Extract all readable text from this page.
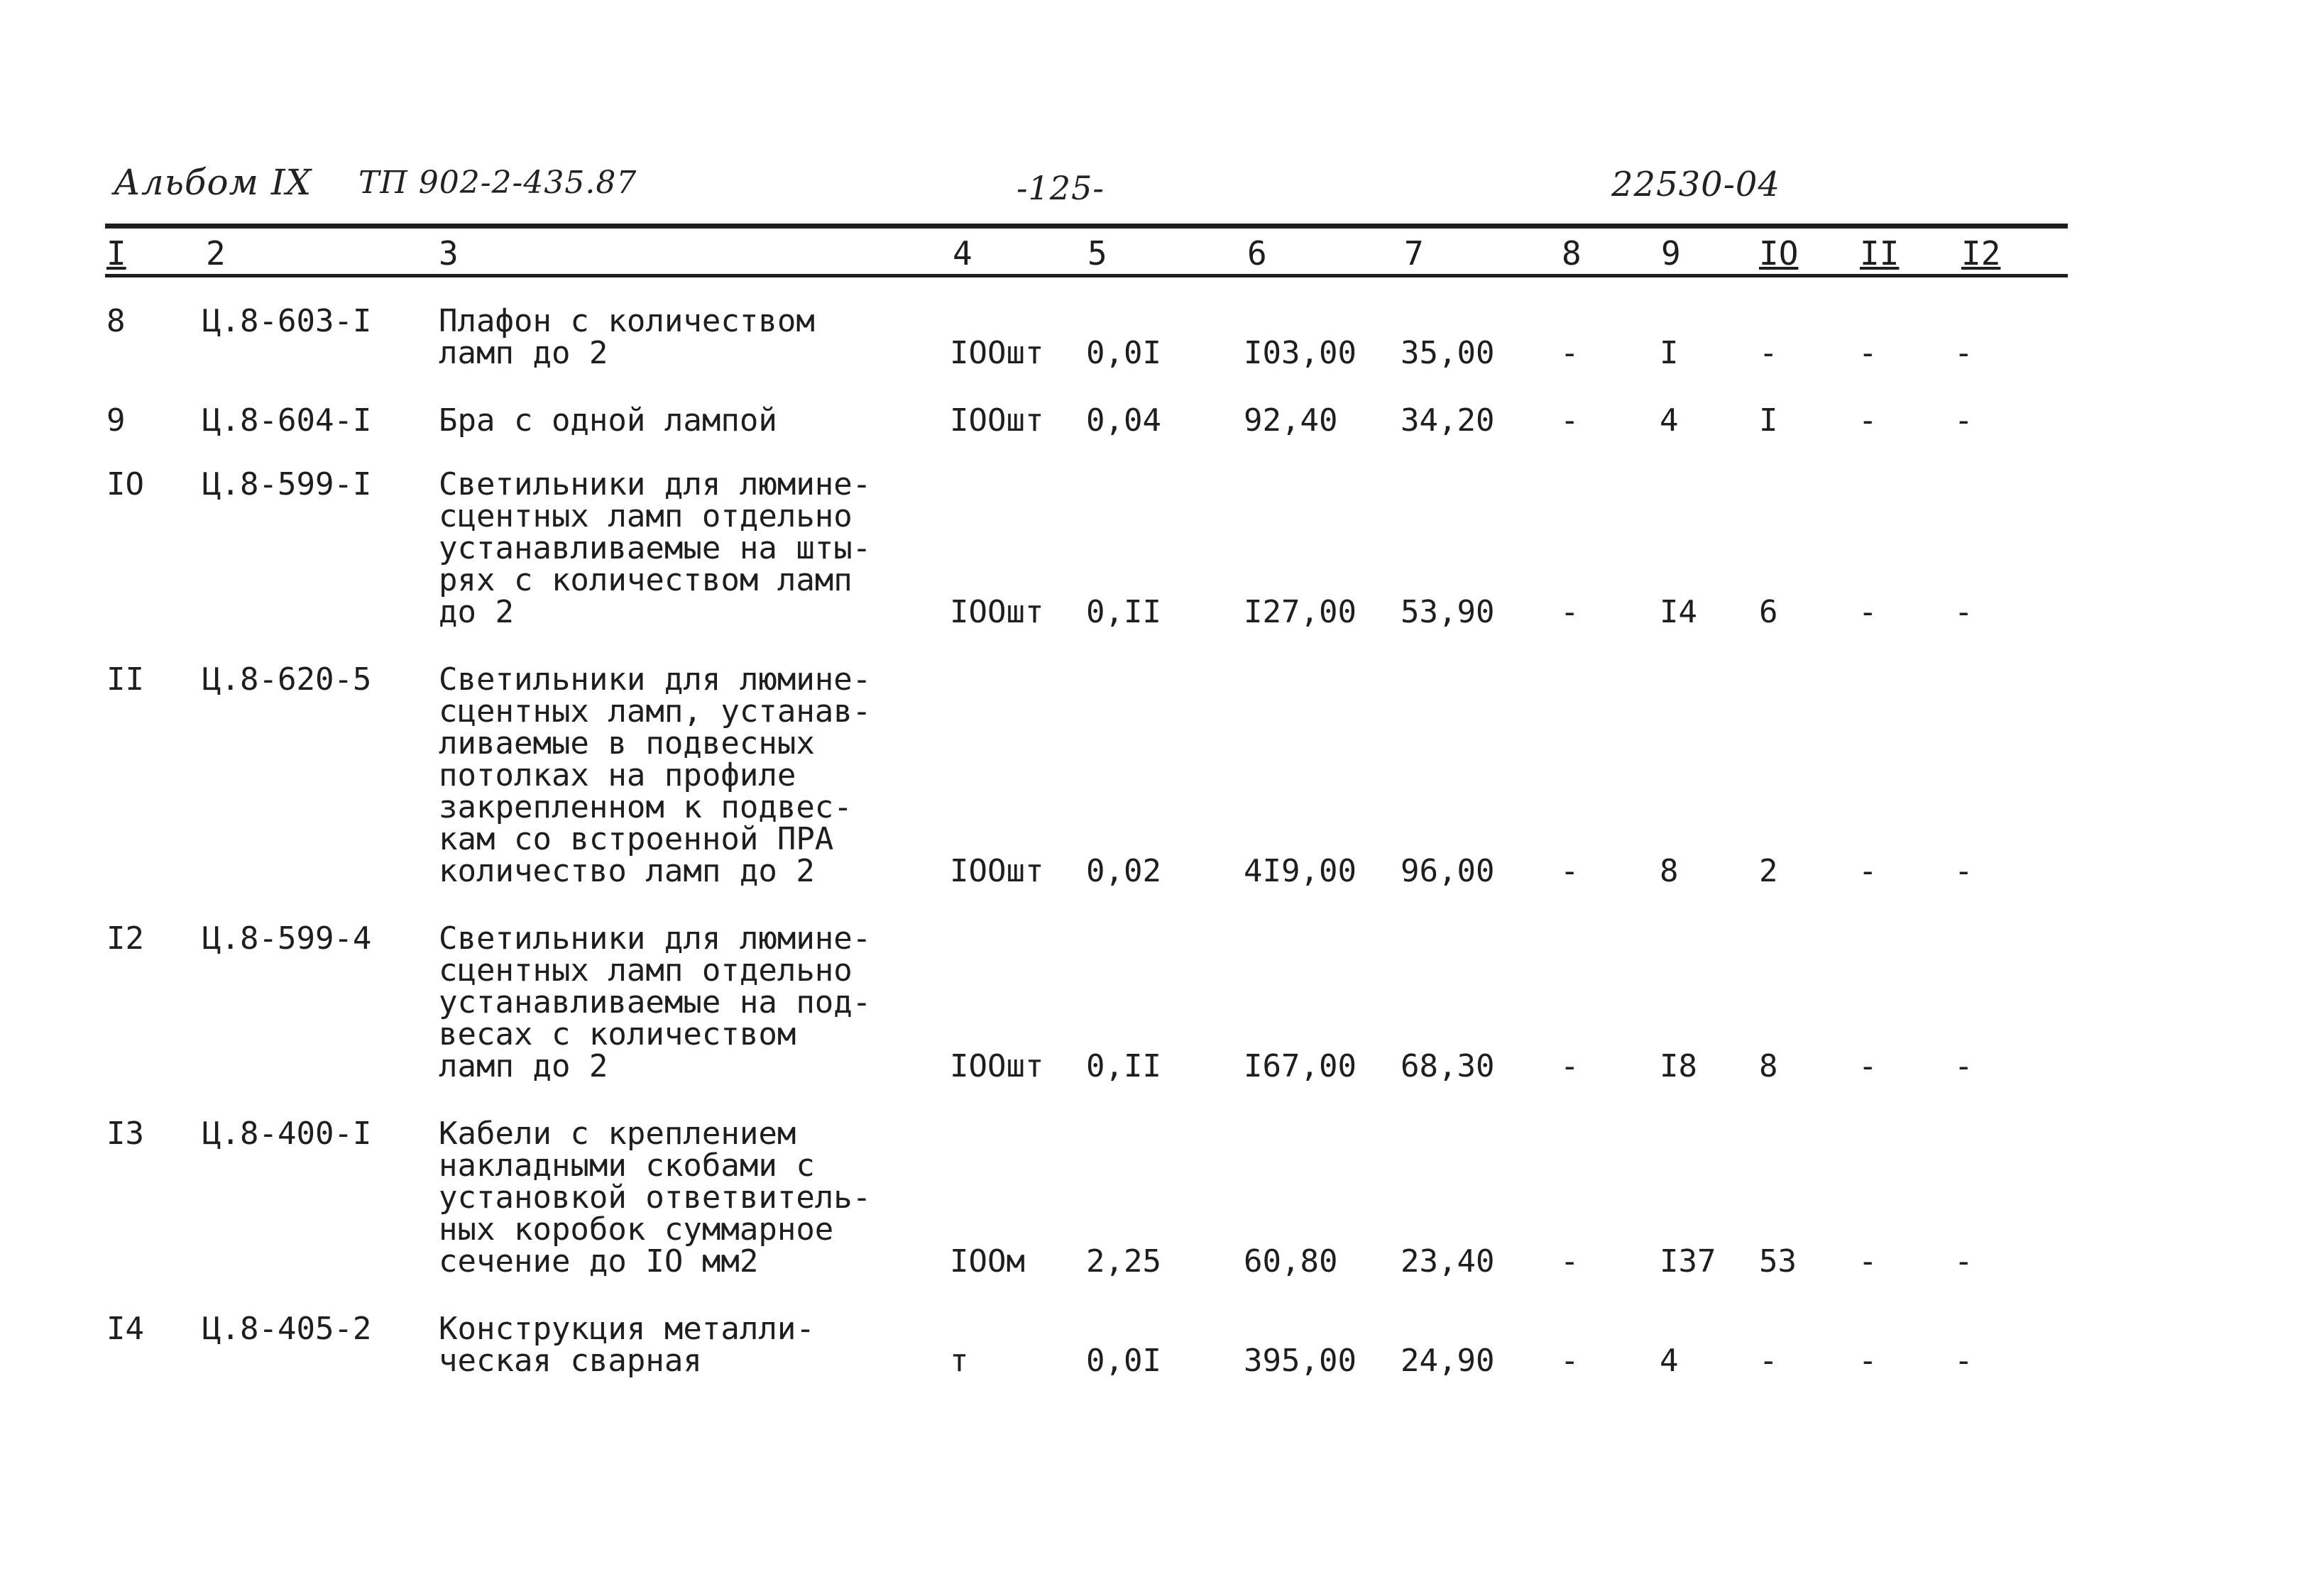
Альбом IX ТП 902-2-435.87	-125-	22530-04
I 2	3	4	5	6	7	8 9 IO II I2
8 Ц.8-603-I Плафон с количеством
ламп до 2	IOOшт 0,0I	I03,00 35,00 -	I	-	- -
9 Ц.8-604-I Бра с одной лампой	IOOшт 0,04	92,40 34,20 -	4	I	- -
IO Ц.8-599-I Светильники для люмине-
сцентных ламп отдельно
устанавливаемые на шты-
рях с количеством ламп
до 2	IOOшт 0,II	I27,00 53,90 -	I4 6	- -
II Ц.8-620-5 Светильники для люмине-
сцентных ламп, устанав-
ливаемые в подвесных
потолках на профиле
закрепленном к подвес-
кам со встроенной ПРА
количество ламп до 2	IOOшт 0,02	4I9,00 96,00 -	8	2	- -
I2 Ц.8-599-4 Светильники для люмине-
сцентных ламп отдельно
устанавливаемые на под-
весах с количеством
ламп до 2	IOOшт 0,II	I67,00 68,30 -	I8 8	- -
I3 Ц.8-400-I Кабели с креплением
накладными скобами с
установкой ответвитель-
ных коробок суммарное
сечение до IO мм2	IOOм 2,25	60,80 23,40 -	I37 53 - -
I4 Ц.8-405-2 Конструкция металли-
ческая сварная	т	0,0I	395,00 24,90 -	4	-	- -
